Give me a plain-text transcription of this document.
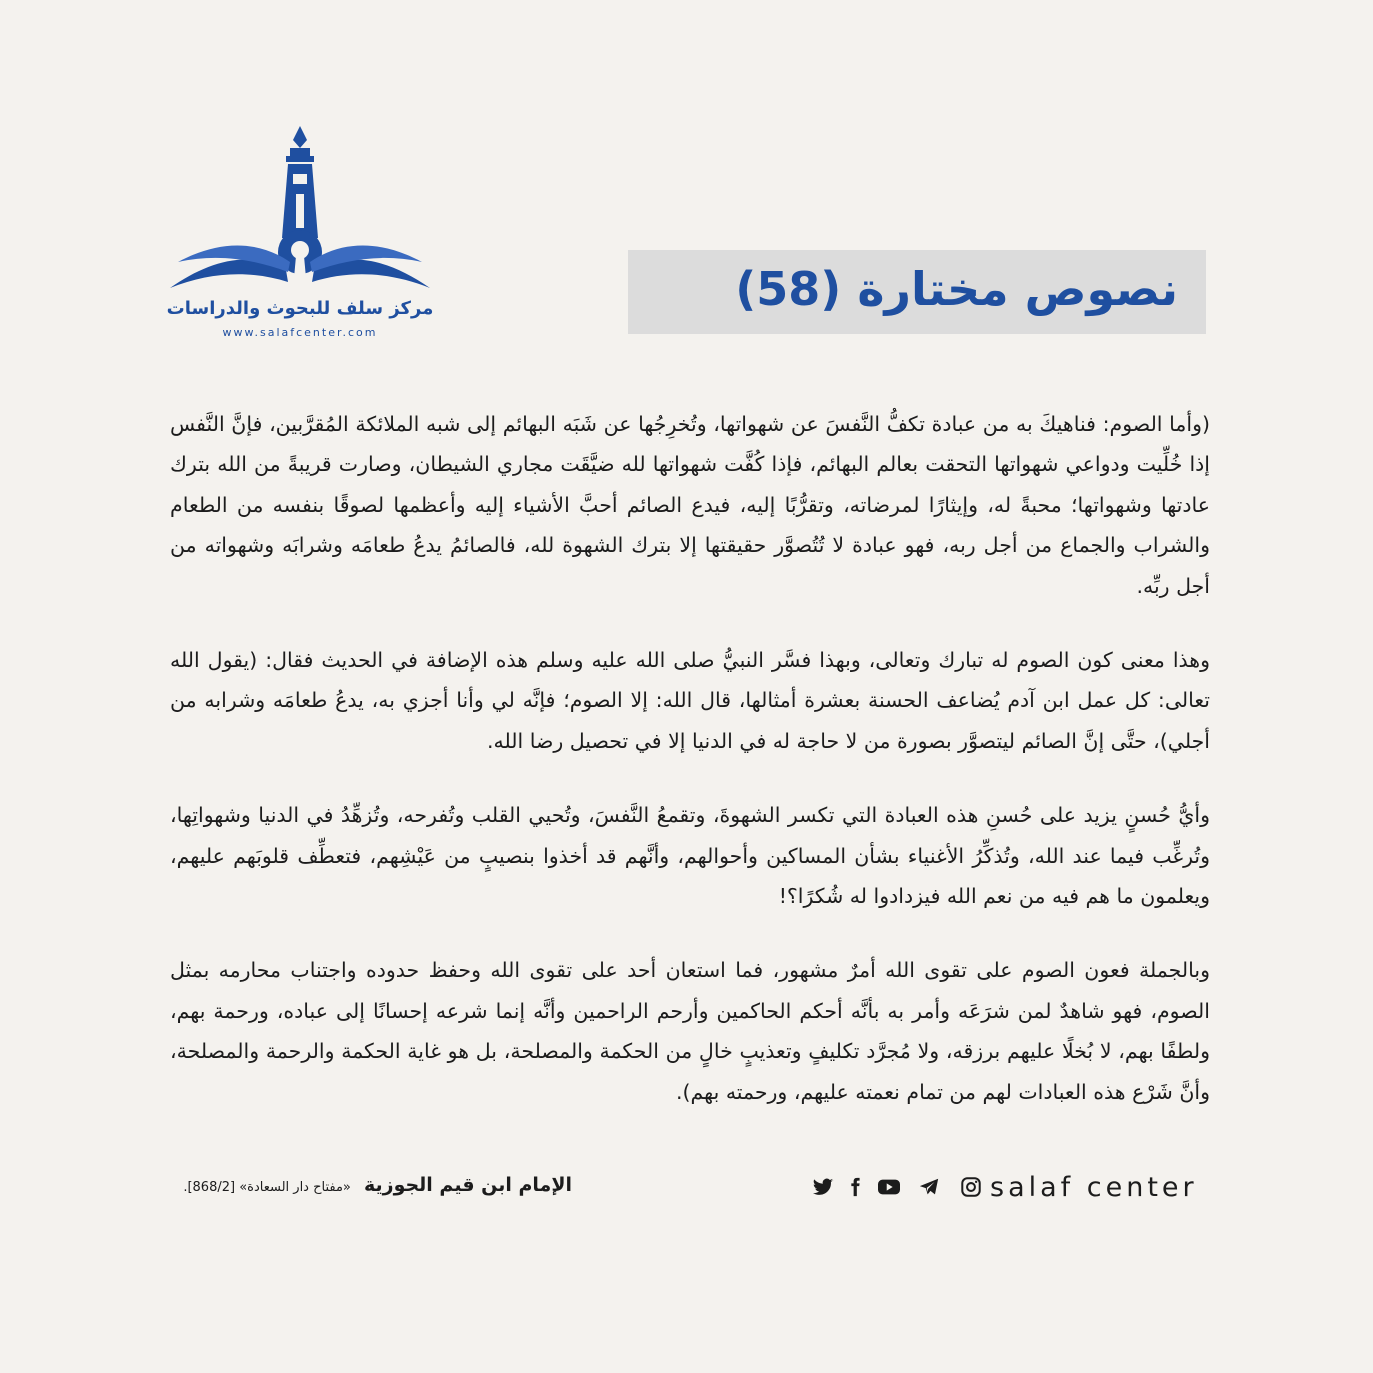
مركز سلف للبحوث والدراسات
www.salafcenter.com
نصوص مختارة (58)

(وأما الصوم: فناهيكَ به من عبادة تكفُّ النَّفسَ عن شهواتها، وتُخرِجُها عن شَبَه البهائم إلى شبه الملائكة المُقرَّبين، فإنَّ النَّفس إذا خُلِّيت ودواعي شهواتها التحقت بعالم البهائم، فإذا كُفَّت شهواتها لله ضيَّقَت مجاري الشيطان، وصارت قريبةً من الله بترك عادتها وشهواتها؛ محبةً له، وإيثارًا لمرضاته، وتقرُّبًا إليه، فيدع الصائم أحبَّ الأشياء إليه وأعظمها لصوقًا بنفسه من الطعام والشراب والجماع من أجل ربه، فهو عبادة لا تُتُصوَّر حقيقتها إلا بترك الشهوة لله، فالصائمُ يدعُ طعامَه وشرابَه وشهواته من أجل ربِّه.

وهذا معنى كون الصوم له تبارك وتعالى، وبهذا فسَّر النبيُّ صلى الله عليه وسلم هذه الإضافة في الحديث فقال: (يقول الله تعالى: كل عمل ابن آدم يُضاعف الحسنة بعشرة أمثالها، قال الله: إلا الصوم؛ فإنَّه لي وأنا أجزي به، يدعُ طعامَه وشرابه من أجلي)، حتَّى إنَّ الصائم ليتصوَّر بصورة من لا حاجة له في الدنيا إلا في تحصيل رضا الله.

وأيُّ حُسنٍ يزيد على حُسنِ هذه العبادة التي تكسر الشهوةَ، وتقمعُ النَّفسَ، وتُحيي القلب وتُفرحه، وتُزهِّدُ في الدنيا وشهواتِها، وتُرغِّب فيما عند الله، وتُذكِّرُ الأغنياء بشأن المساكين وأحوالهم، وأنَّهم قد أخذوا بنصيبٍ من عَيْشِهم، فتعطِّف قلوبَهم عليهم، ويعلمون ما هم فيه من نعم الله فيزدادوا له شُكرًا؟!

وبالجملة فعون الصوم على تقوى الله أمرٌ مشهور، فما استعان أحد على تقوى الله وحفظ حدوده واجتناب محارمه بمثل الصوم، فهو شاهدٌ لمن شرَعَه وأمر به بأنَّه أحكم الحاكمين وأرحم الراحمين وأنَّه إنما شرعه إحسانًا إلى عباده، ورحمة بهم، ولطفًا بهم، لا بُخلًا عليهم برزقه، ولا مُجرَّد تكليفٍ وتعذيبٍ خالٍ من الحكمة والمصلحة، بل هو غاية الحكمة والرحمة والمصلحة، وأنَّ شَرْع هذه العبادات لهم من تمام نعمته عليهم، ورحمته بهم).

الإمام ابن قيم الجوزية «مفتاح دار السعادة» [868/2].	salaf center
